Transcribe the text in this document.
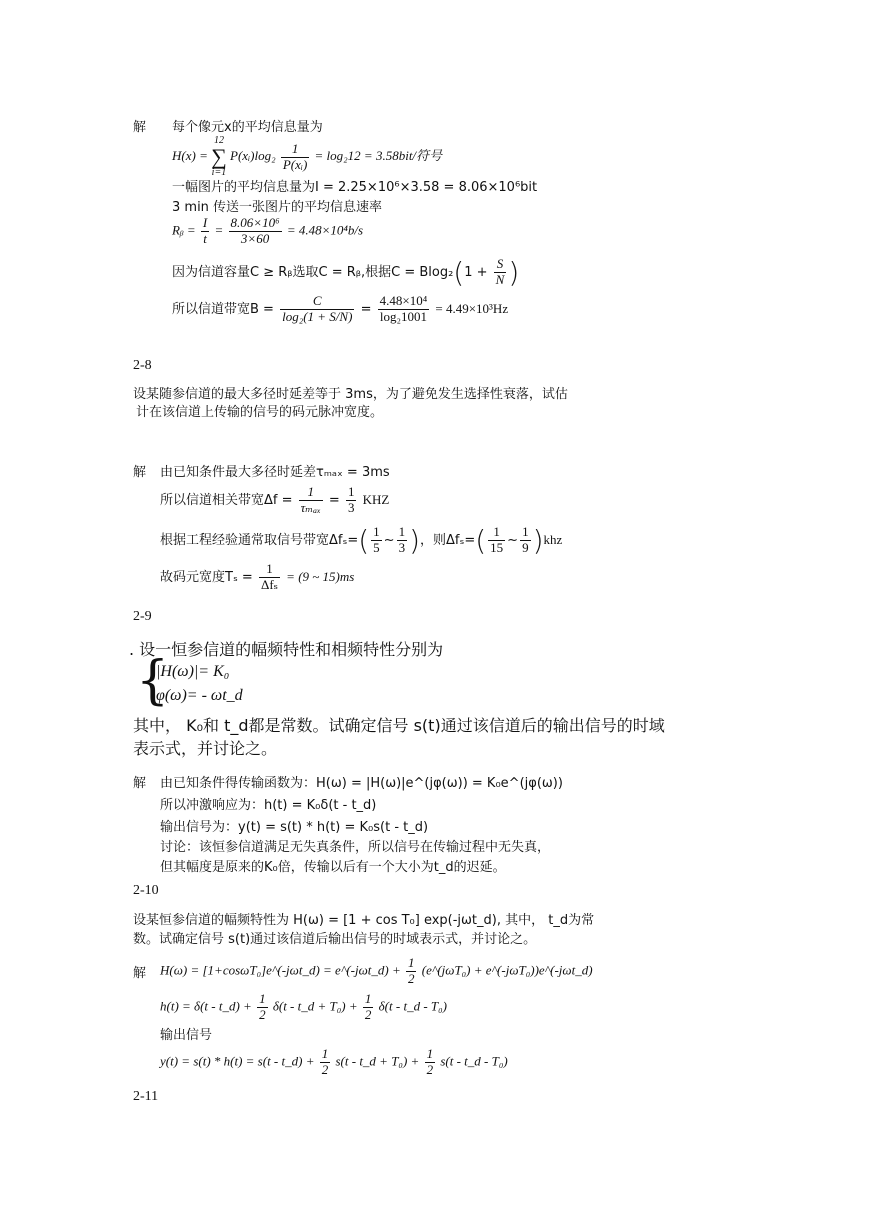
解 每个像元x的平均信息量为
H(x) = 12
∑
i=1 P(xᵢ)log₂ $\frac{1}{\text{P(xᵢ)}} = \log_212 = 3.58bit/$符号
一幅图片的平均信息量为I = 2.25×10⁶×3.58 = 8.06×10⁶bit
3 min 传送一张图片的平均信息速率
Rᵦ = $\frac{I}{t} = \frac{\text{8.06×10⁶}}{3\times 60} = 4.48\times 10^4b/s$
因为信道容量C ≥ Rᵦ选取C = Rᵦ,根据$C = Blog_2(1 + \frac{S}{N}$ )
所以信道带宽$B = \frac{C}{\text{log₂(1 + S/N)}} = \frac{\text{4.48×10⁴}}{\text{log₂1001}} = 4.49\times 10^3Hz$
2-8
设某随参信道的最大多径时延差等于 3ms，为了避免发生选择性衰落，试估
计在该信道上传输的信号的码元脉冲宽度。
解 由已知条件最大多径时延差τₘₐₓ = 3ms
所以信道相关带宽$\Delta f = \frac{1}{\text{τₘₐₓ}} = \frac{1}{3}$ KHZ
根据工程经验通常取信号带宽$\Delta f_s=( \frac{1}{5}$ ~ $\frac{1}{3}$ )，则$\Delta f_s=( \frac{1}{15}$ ~ $\frac{1}{9} )khz$
故码元宽度$T_s = \frac{1}{\text{Δfₛ}} = (9$ ~ 15)ms
2-9
. 设一恒参信道的幅频特性和相频特性分别为
{
|H(ω)|= K₀
φ(ω)= - ωt_d
其中， K₀和 t_d都是常数。试确定信号 s(t)通过该信道后的输出信号的时域
表示式，并讨论之。
解 由已知条件得传输函数为：H(ω) = |H(ω)|e^(jφ(ω)) = K₀e^(jφ(ω))
所以冲激响应为：h(t) = K₀δ(t - t_d)
输出信号为：y(t) = s(t) * h(t) = K₀s(t - t_d)
讨论：该恒参信道满足无失真条件，所以信号在传输过程中无失真，
但其幅度是原来的K₀倍，传输以后有一个大小为t_d的迟延。
2-10
设某恒参信道的幅频特性为 H(ω) = [1 + cos T₀] exp(-jωt_d), 其中， t_d为常
数。试确定信号 s(t)通过该信道后输出信号的时域表示式，并讨论之。
解 H(ω) = [1+cosωT₀]e^(-jωt_d) = e^(-jωt_d) + $\frac{1}{2}$ (e^(jωT₀) + e^(-jωT₀))e^(-jωt_d)
h(t) = δ(t - t_d) + $\frac{1}{2} \delta(t$ - t_d + $T_0) + \frac{1}{2} \delta(t$ - t_d - T₀)
输出信号
y(t) = s(t) * h(t) = s(t - t_d) + $\frac{1}{2} s(t$ - t_d + $T_0) + \frac{1}{2} s(t$ - t_d - T₀)
2-11
